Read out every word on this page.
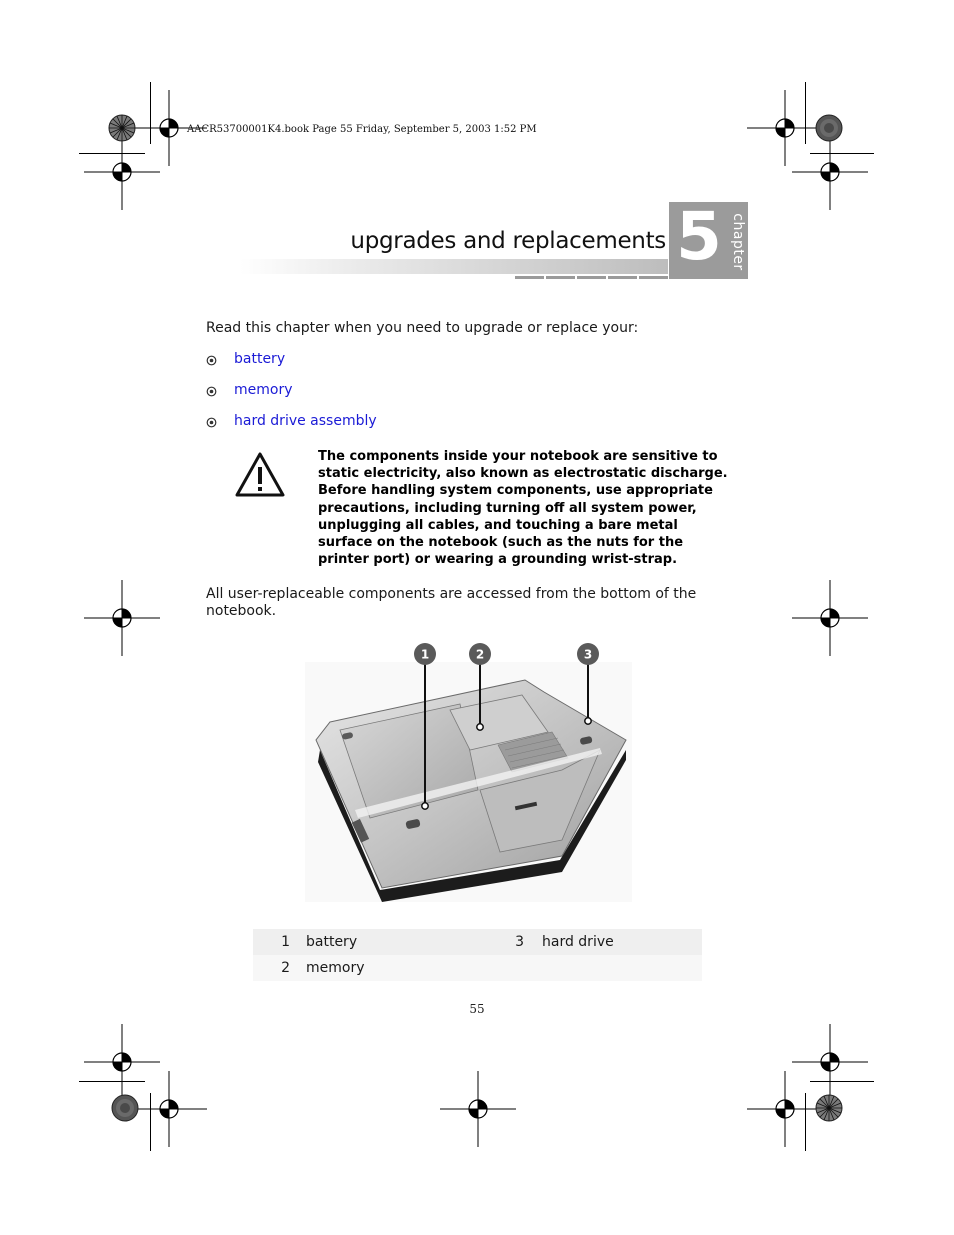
AACR53700001K4.book Page 55 Friday, September 5, 2003 1:52 PM
upgrades and replacements 5 chapter
Read this chapter when you need to upgrade or replace your:
battery
memory
hard drive assembly
The components inside your notebook are sensitive to static electricity, also known as electrostatic discharge. Before handling system components, use appropriate precautions, including turning off all system power, unplugging all cables, and touching a bare metal surface on the notebook (such as the nuts for the printer port) or wearing a grounding wrist-strap.
All user-replaceable components are accessed from the bottom of the notebook.
1	2	3
1	battery	3	hard drive
2	memory		
55
